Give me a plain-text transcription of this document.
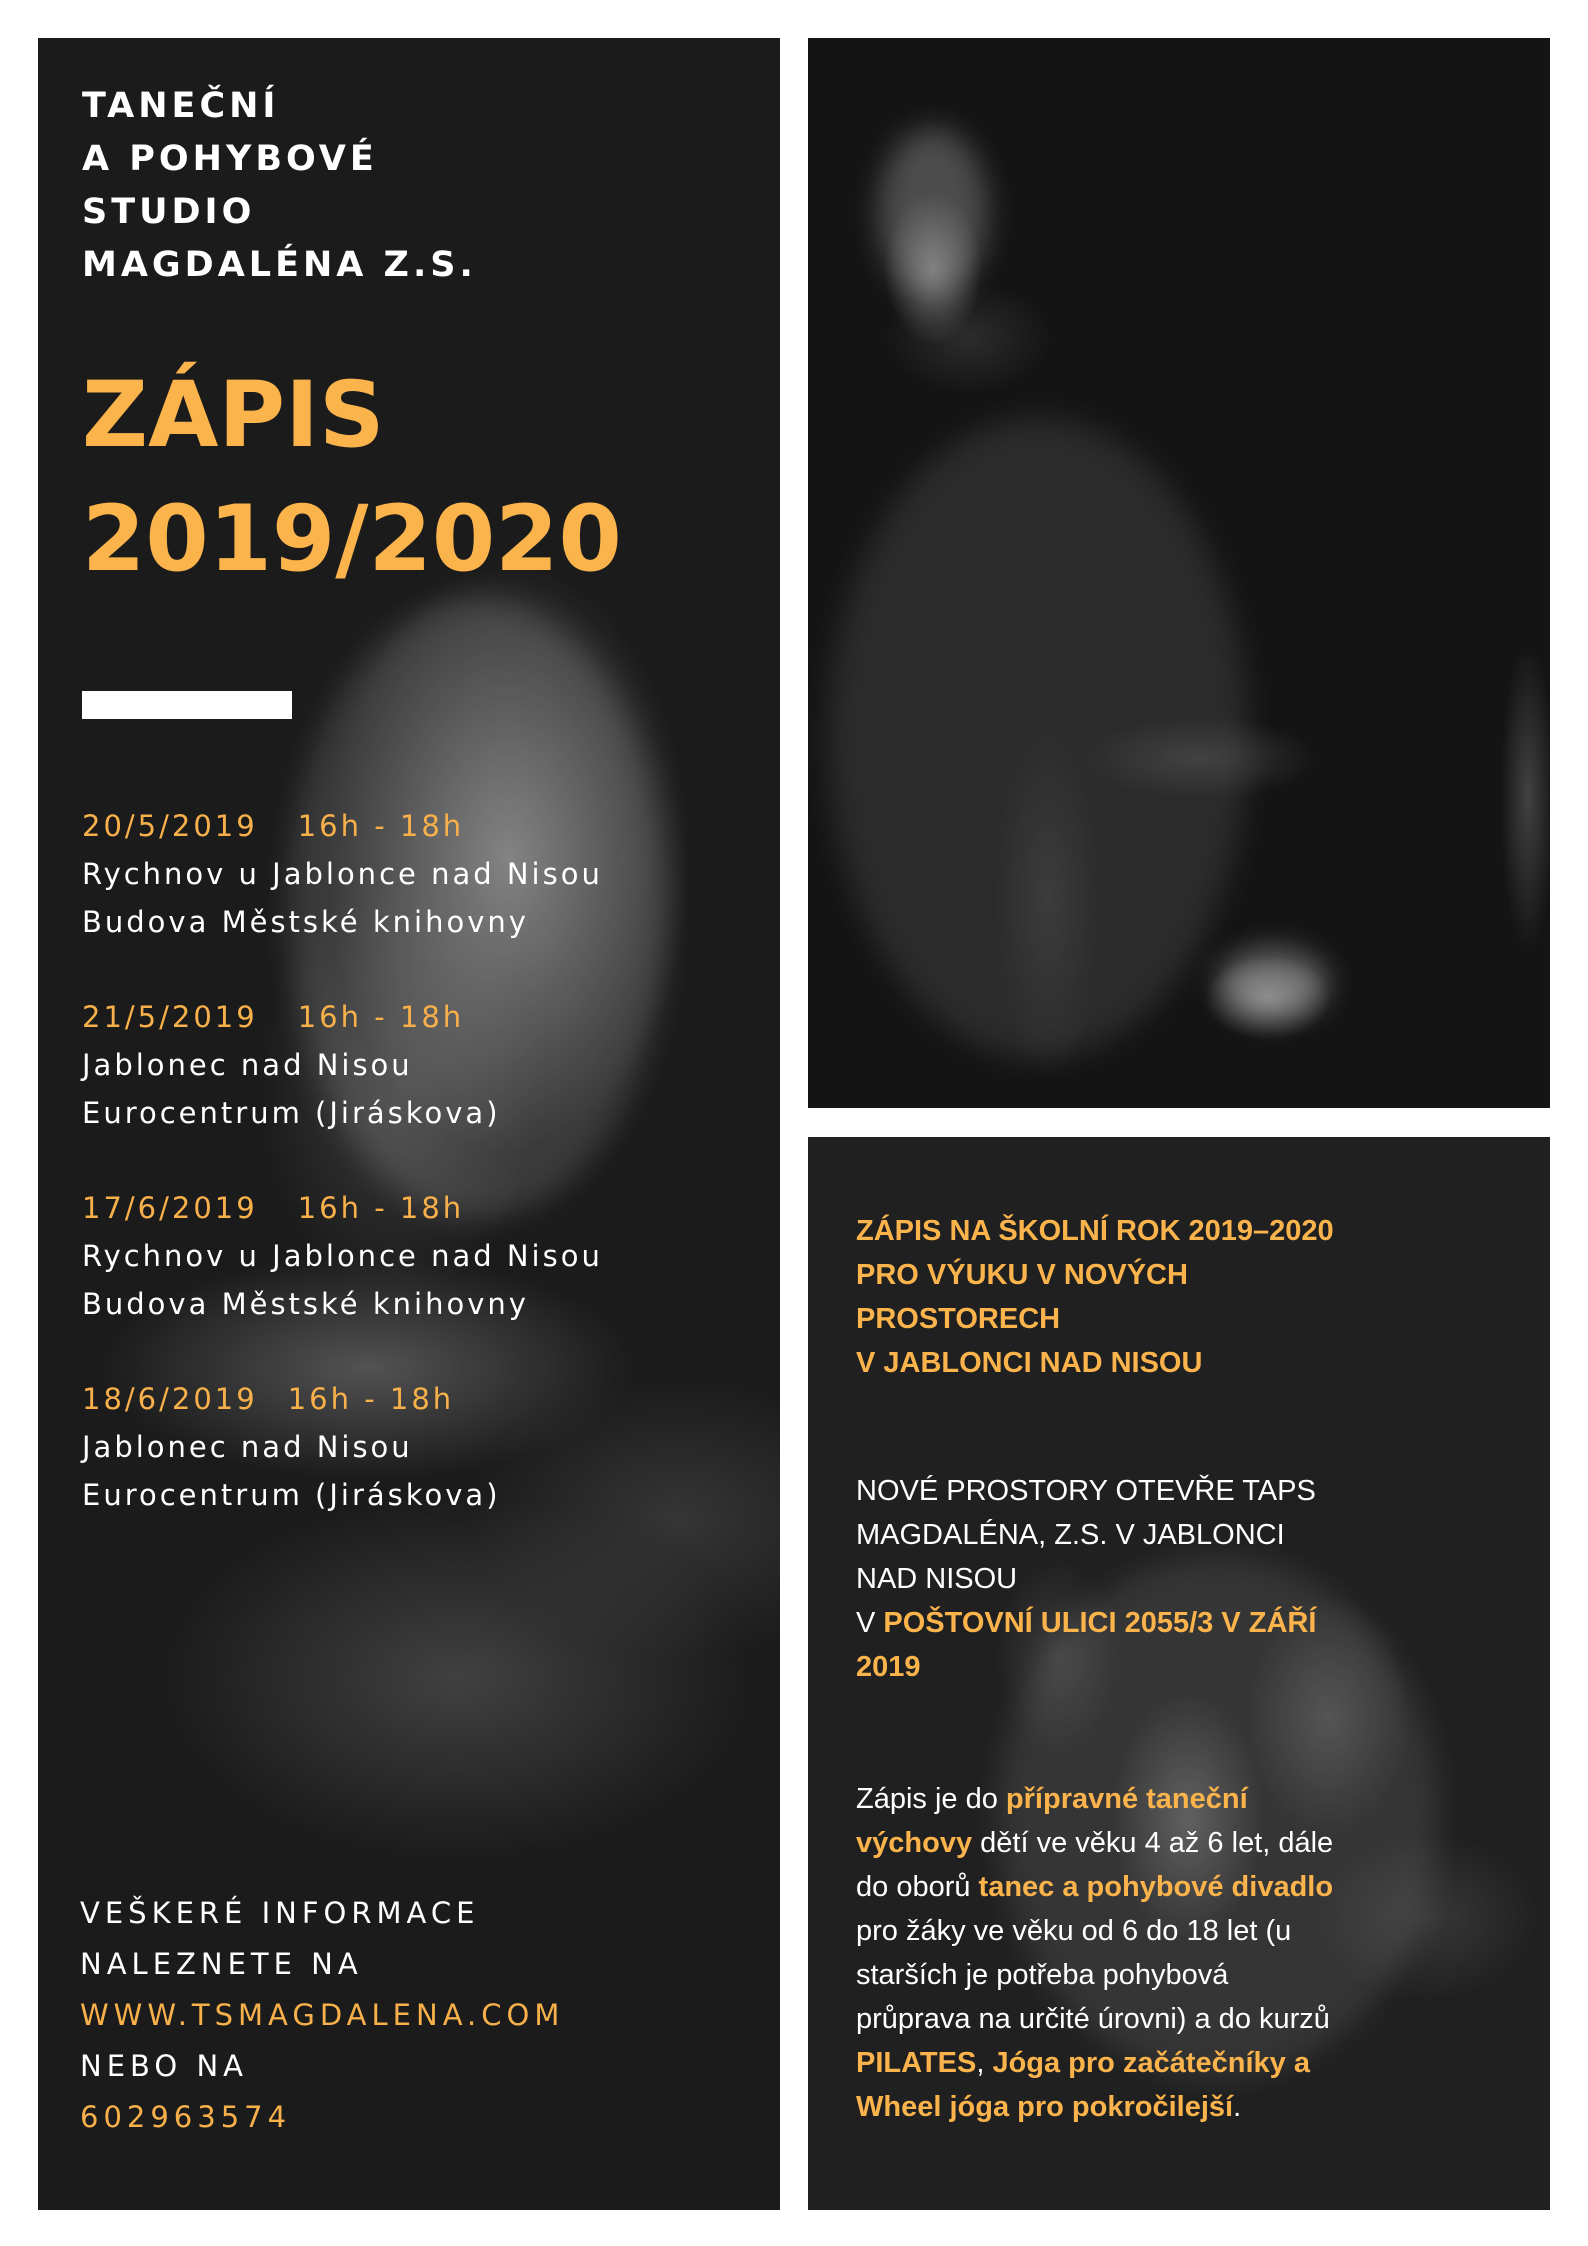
TANEČNÍ
A POHYBOVÉ
STUDIO
MAGDALÉNA Z.S.
ZÁPIS
2019/2020
20/5/2019 16h - 18h
Rychnov u Jablonce nad Nisou
Budova Městské knihovny
21/5/2019 16h - 18h
Jablonec nad Nisou
Eurocentrum (Jiráskova)
17/6/2019 16h - 18h
Rychnov u Jablonce nad Nisou
Budova Městské knihovny
18/6/2019 16h - 18h
Jablonec nad Nisou
Eurocentrum (Jiráskova)
VEŠKERÉ INFORMACE
NALEZNETE NA
WWW.TSMAGDALENA.COM
NEBO NA
602963574
ZÁPIS NA ŠKOLNÍ ROK 2019–2020
PRO VÝUKU V NOVÝCH
PROSTORECH
V JABLONCI NAD NISOU
NOVÉ PROSTORY OTEVŘE TAPS
MAGDALÉNA, Z.S. V JABLONCI
NAD NISOU
V POŠTOVNÍ ULICI 2055/3 V ZÁŘÍ
2019
Zápis je do přípravné taneční
výchovy dětí ve věku 4 až 6 let, dále
do oborů tanec a pohybové divadlo
pro žáky ve věku od 6 do 18 let (u
starších je potřeba pohybová
průprava na určité úrovni) a do kurzů
PILATES, Jóga pro začátečníky a
Wheel jóga pro pokročilejší.
